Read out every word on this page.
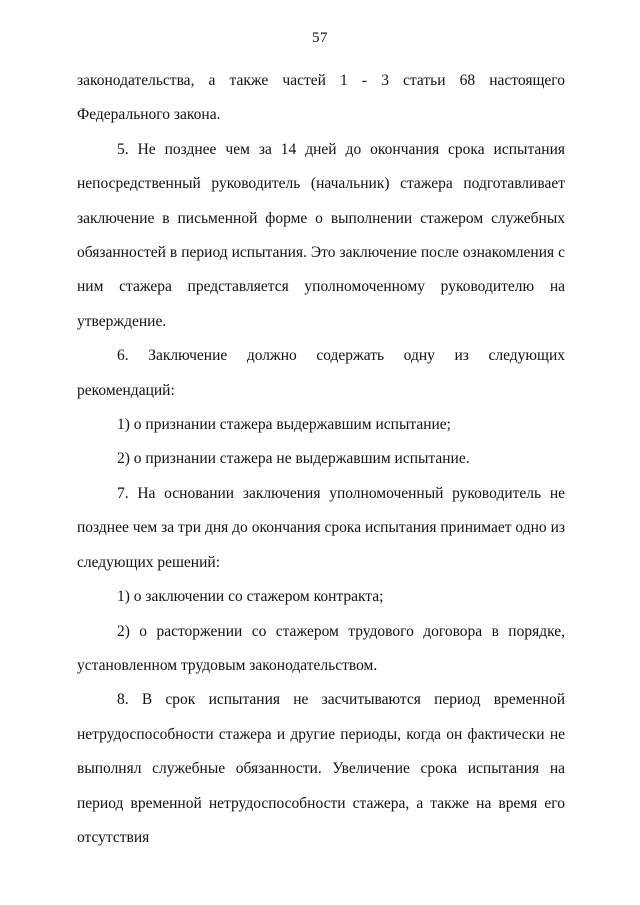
57

законодательства, а также частей 1 - 3 статьи 68 настоящего Федерального закона.

5. Не позднее чем за 14 дней до окончания срока испытания непосредственный руководитель (начальник) стажера подготавливает заключение в письменной форме о выполнении стажером служебных обязанностей в период испытания. Это заключение после ознакомления с ним стажера представляется уполномоченному руководителю на утверждение.

6. Заключение должно содержать одну из следующих рекомендаций:

1) о признании стажера выдержавшим испытание;

2) о признании стажера не выдержавшим испытание.

7. На основании заключения уполномоченный руководитель не позднее чем за три дня до окончания срока испытания принимает одно из следующих решений:

1) о заключении со стажером контракта;

2) о расторжении со стажером трудового договора в порядке, установленном трудовым законодательством.

8. В срок испытания не засчитываются период временной нетрудоспособности стажера и другие периоды, когда он фактически не выполнял служебные обязанности. Увеличение срока испытания на период временной нетрудоспособности стажера, а также на время его отсутствия
